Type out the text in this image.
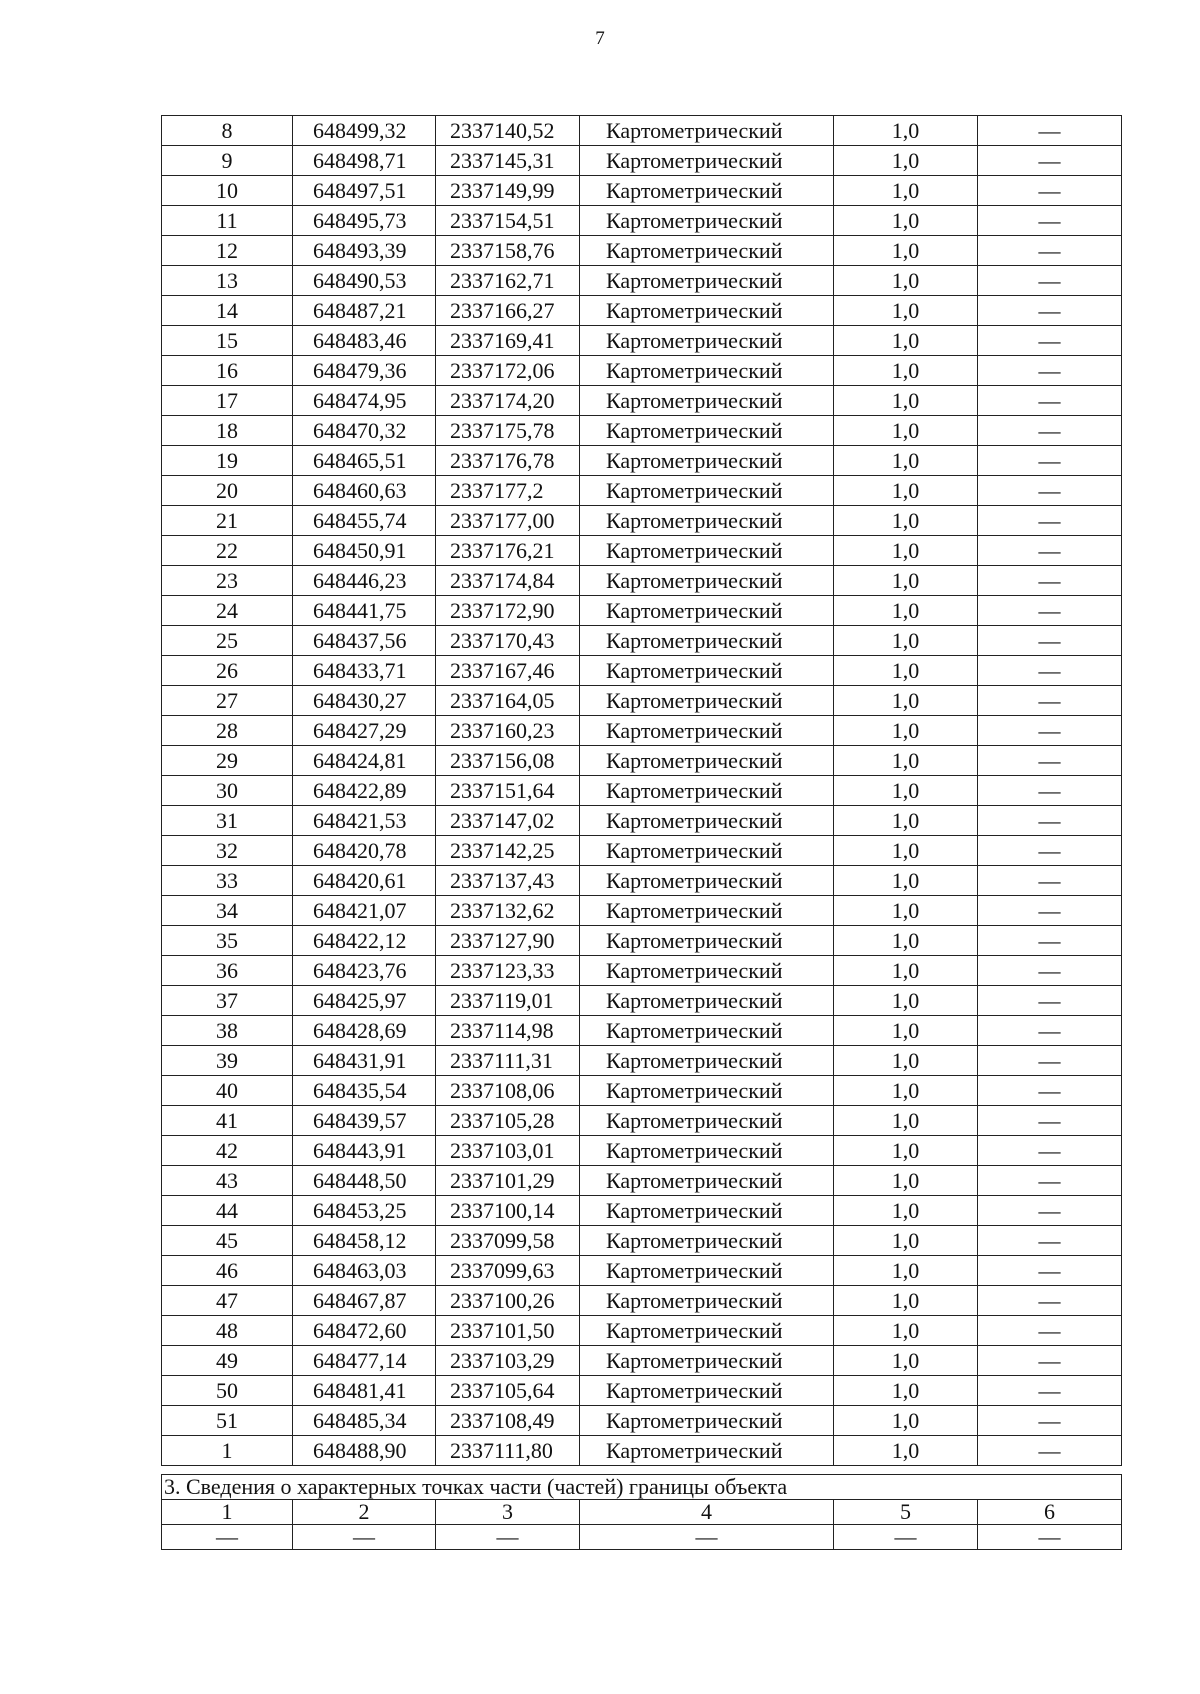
7
8	648499,32	2337140,52	Картометрический	1,0	—
9	648498,71	2337145,31	Картометрический	1,0	—
10	648497,51	2337149,99	Картометрический	1,0	—
11	648495,73	2337154,51	Картометрический	1,0	—
12	648493,39	2337158,76	Картометрический	1,0	—
13	648490,53	2337162,71	Картометрический	1,0	—
14	648487,21	2337166,27	Картометрический	1,0	—
15	648483,46	2337169,41	Картометрический	1,0	—
16	648479,36	2337172,06	Картометрический	1,0	—
17	648474,95	2337174,20	Картометрический	1,0	—
18	648470,32	2337175,78	Картометрический	1,0	—
19	648465,51	2337176,78	Картометрический	1,0	—
20	648460,63	2337177,2	Картометрический	1,0	—
21	648455,74	2337177,00	Картометрический	1,0	—
22	648450,91	2337176,21	Картометрический	1,0	—
23	648446,23	2337174,84	Картометрический	1,0	—
24	648441,75	2337172,90	Картометрический	1,0	—
25	648437,56	2337170,43	Картометрический	1,0	—
26	648433,71	2337167,46	Картометрический	1,0	—
27	648430,27	2337164,05	Картометрический	1,0	—
28	648427,29	2337160,23	Картометрический	1,0	—
29	648424,81	2337156,08	Картометрический	1,0	—
30	648422,89	2337151,64	Картометрический	1,0	—
31	648421,53	2337147,02	Картометрический	1,0	—
32	648420,78	2337142,25	Картометрический	1,0	—
33	648420,61	2337137,43	Картометрический	1,0	—
34	648421,07	2337132,62	Картометрический	1,0	—
35	648422,12	2337127,90	Картометрический	1,0	—
36	648423,76	2337123,33	Картометрический	1,0	—
37	648425,97	2337119,01	Картометрический	1,0	—
38	648428,69	2337114,98	Картометрический	1,0	—
39	648431,91	2337111,31	Картометрический	1,0	—
40	648435,54	2337108,06	Картометрический	1,0	—
41	648439,57	2337105,28	Картометрический	1,0	—
42	648443,91	2337103,01	Картометрический	1,0	—
43	648448,50	2337101,29	Картометрический	1,0	—
44	648453,25	2337100,14	Картометрический	1,0	—
45	648458,12	2337099,58	Картометрический	1,0	—
46	648463,03	2337099,63	Картометрический	1,0	—
47	648467,87	2337100,26	Картометрический	1,0	—
48	648472,60	2337101,50	Картометрический	1,0	—
49	648477,14	2337103,29	Картометрический	1,0	—
50	648481,41	2337105,64	Картометрический	1,0	—
51	648485,34	2337108,49	Картометрический	1,0	—
1	648488,90	2337111,80	Картометрический	1,0	—
3. Сведения о характерных точках части (частей) границы объекта					
1	2	3	4	5	6
—	—	—	—	—	—
